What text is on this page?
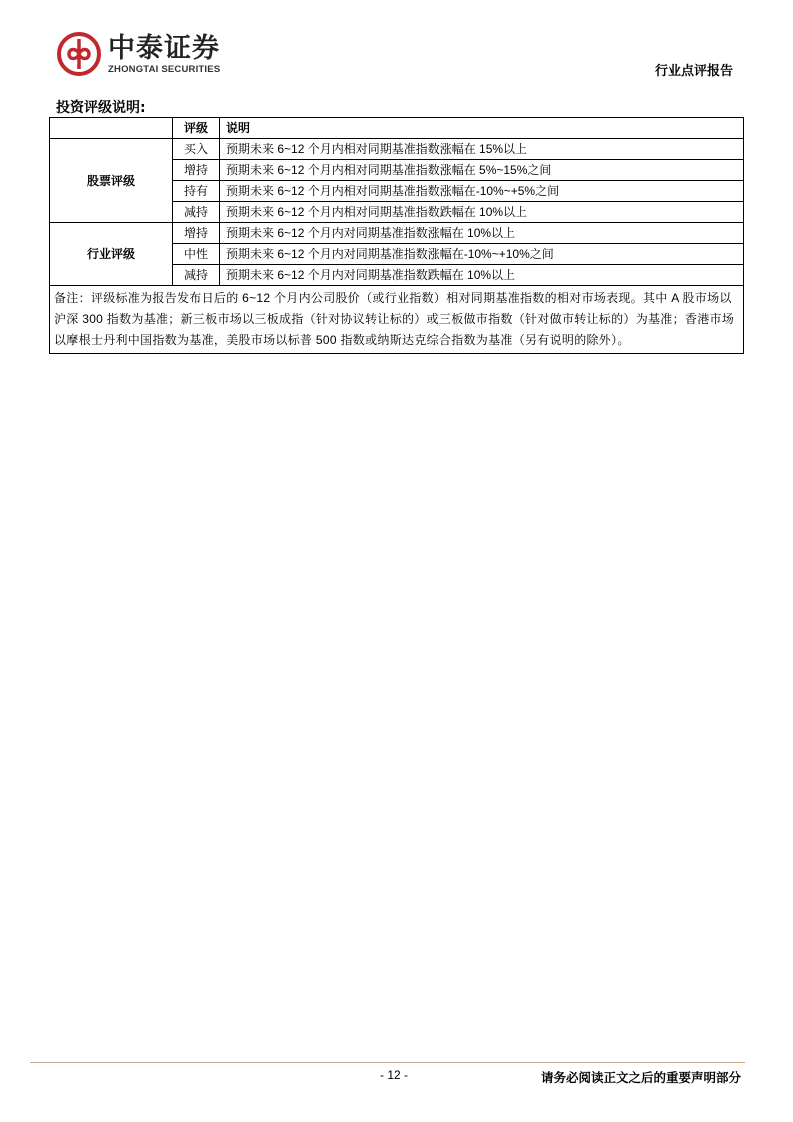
中泰证券
ZHONGTAI SECURITIES	行业点评报告
投资评级说明:
	评级	说明
股票评级	买入	预期未来 6~12 个月内相对同期基准指数涨幅在 15%以上
	增持	预期未来 6~12 个月内相对同期基准指数涨幅在 5%~15%之间
	持有	预期未来 6~12 个月内相对同期基准指数涨幅在-10%~+5%之间
	减持	预期未来 6~12 个月内相对同期基准指数跌幅在 10%以上
行业评级	增持	预期未来 6~12 个月内对同期基准指数涨幅在 10%以上
	中性	预期未来 6~12 个月内对同期基准指数涨幅在-10%~+10%之间
	减持	预期未来 6~12 个月内对同期基准指数跌幅在 10%以上
备注：评级标准为报告发布日后的 6~12 个月内公司股价（或行业指数）相对同期基准指数的相对市场表现。其中 A 股市场以沪深 300 指数为基准；新三板市场以三板成指（针对协议转让标的）或三板做市指数（针对做市转让标的）为基准；香港市场以摩根士丹利中国指数为基准，美股市场以标普 500 指数或纳斯达克综合指数为基准（另有说明的除外）。		
- 12 -	请务必阅读正文之后的重要声明部分
